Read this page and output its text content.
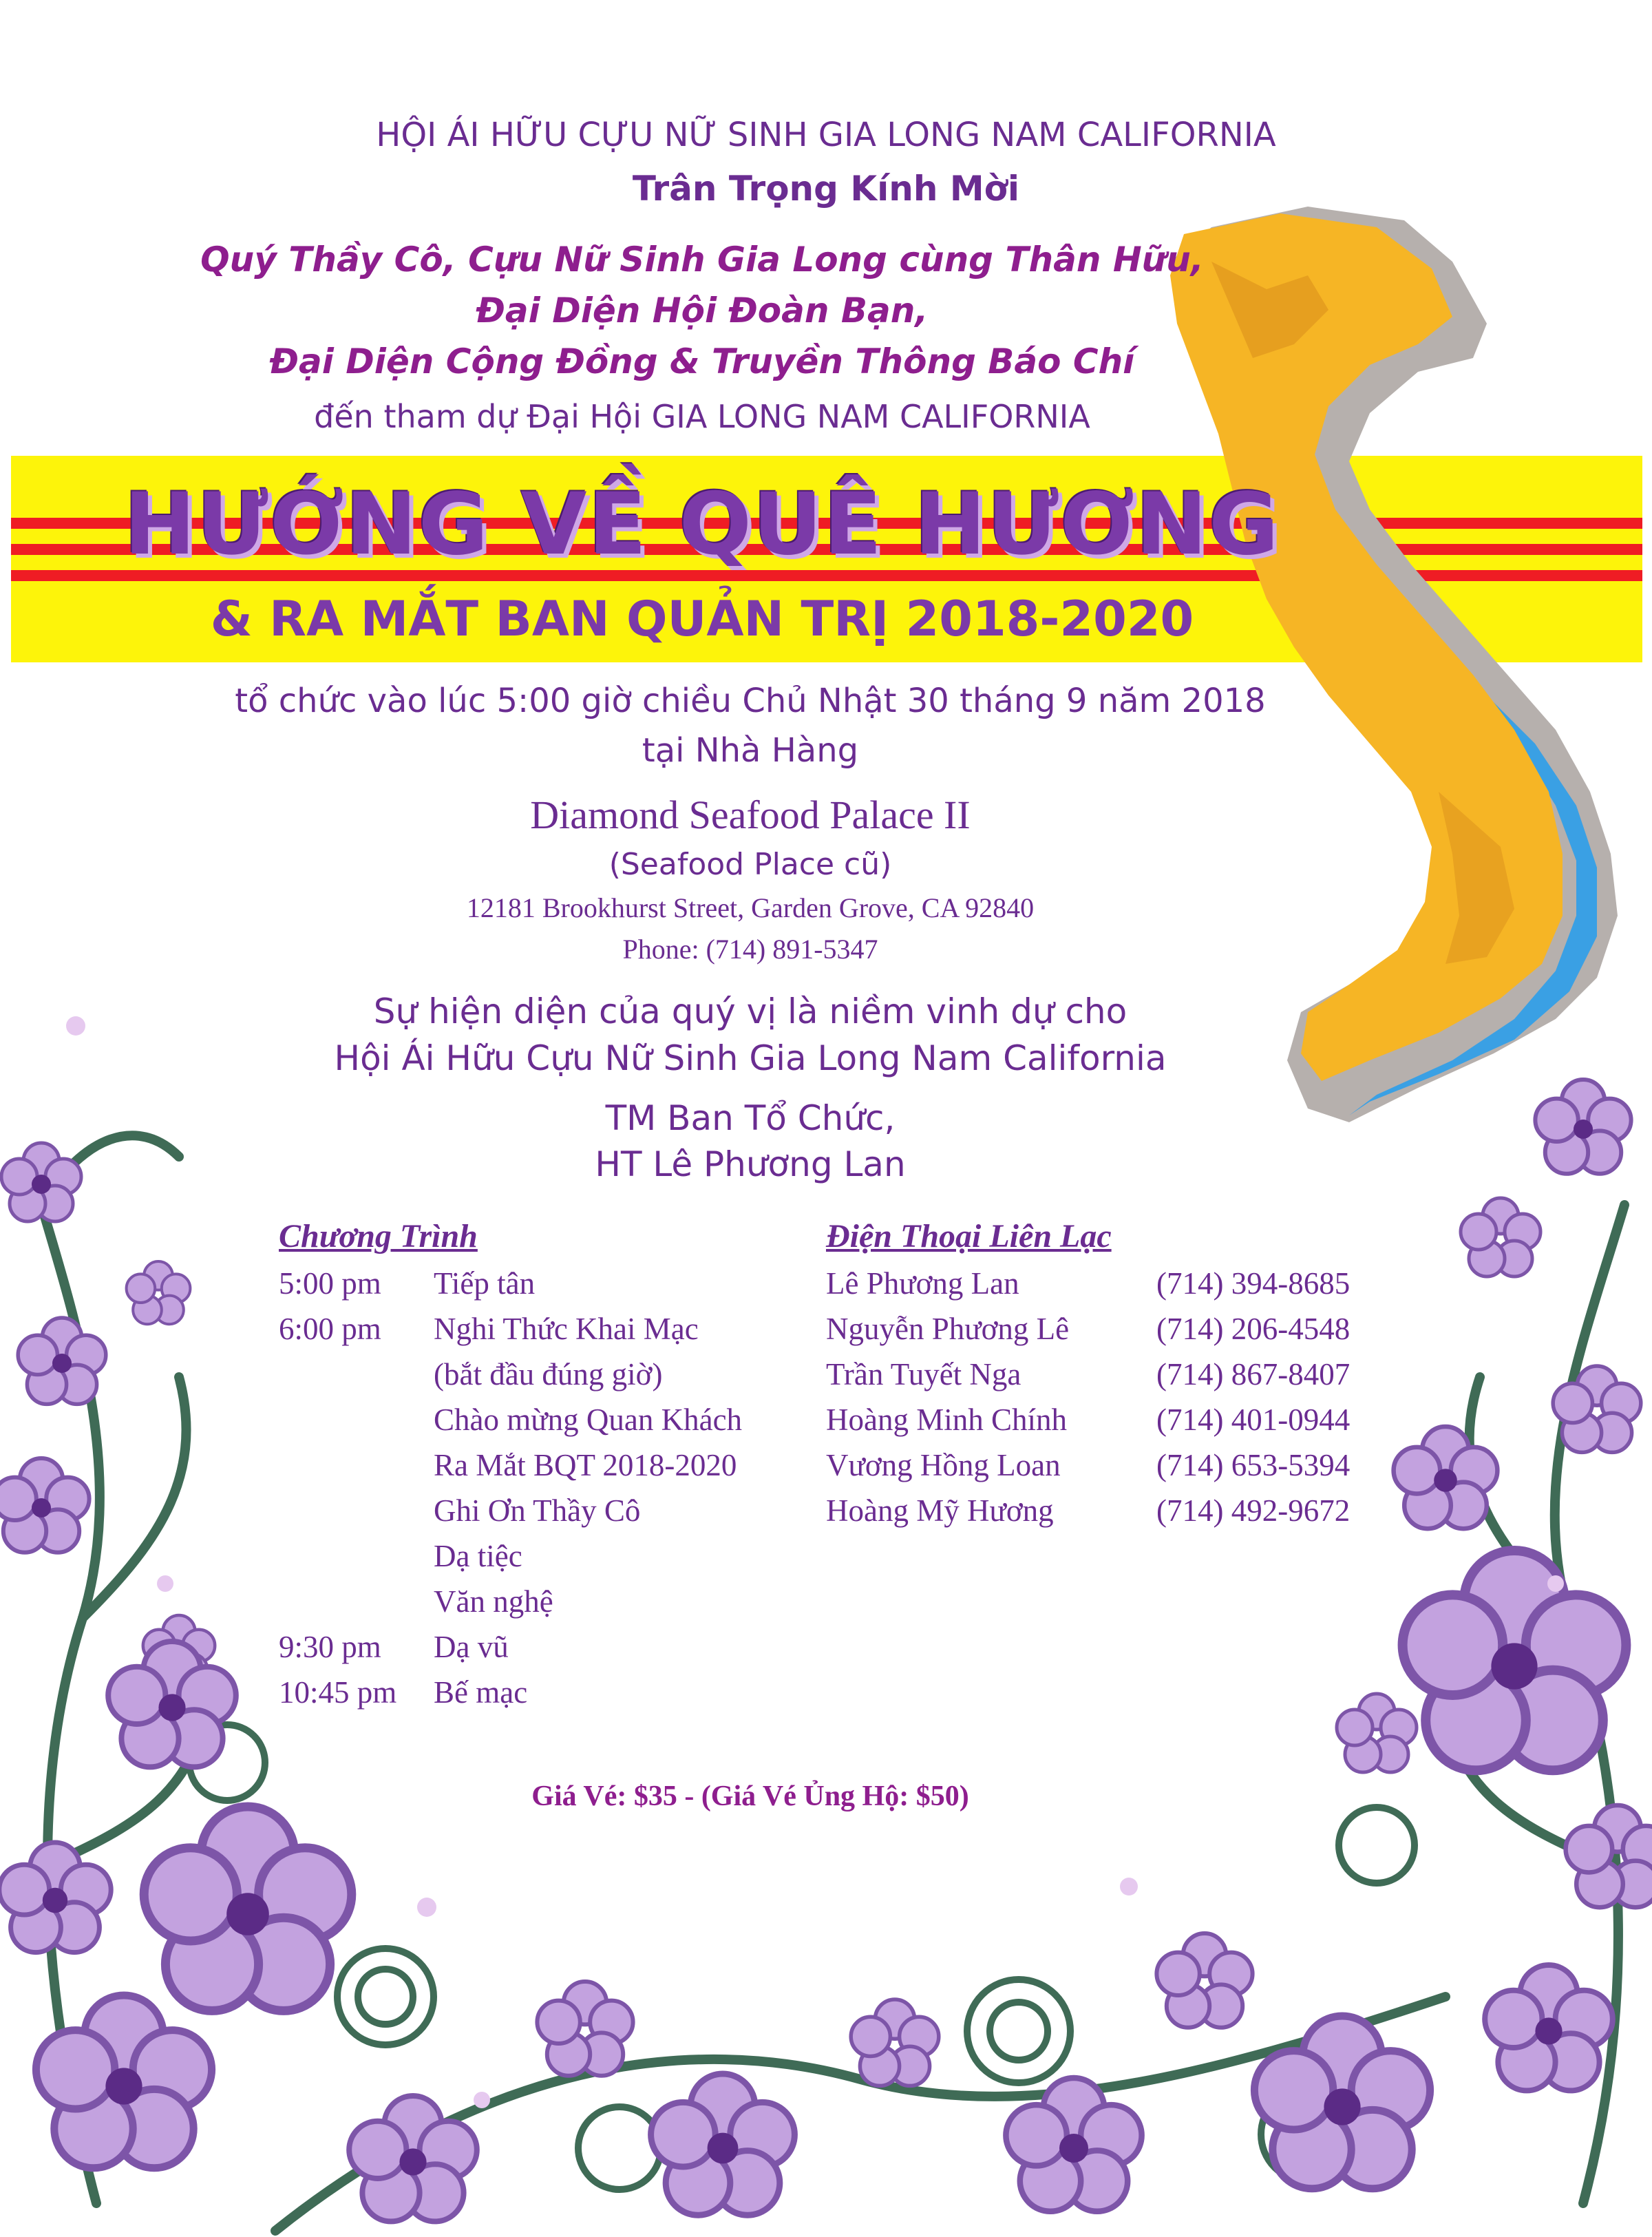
HỘI ÁI HỮU CỰU NỮ SINH GIA LONG NAM CALIFORNIA
Trân Trọng Kính Mời
Quý Thầy Cô, Cựu Nữ Sinh Gia Long cùng Thân Hữu,
Đại Diện Hội Đoàn Bạn,
Đại Diện Cộng Đồng & Truyền Thông Báo Chí
đến tham dự Đại Hội GIA LONG NAM CALIFORNIA
HƯỚNG VỀ QUÊ HƯƠNG
& RA MẮT BAN QUẢN TRỊ 2018-2020
tổ chức vào lúc 5:00 giờ chiều Chủ Nhật 30 tháng 9 năm 2018
tại Nhà Hàng
Diamond Seafood Palace II
(Seafood Place cũ)
12181 Brookhurst Street, Garden Grove, CA 92840
Phone: (714) 891-5347
Sự hiện diện của quý vị là niềm vinh dự cho
Hội Ái Hữu Cựu Nữ Sinh Gia Long Nam California
TM Ban Tổ Chức,
HT Lê Phương Lan
Chương Trình
5:00 pm Tiếp tân
6:00 pm Nghi Thức Khai Mạc
(bắt đầu đúng giờ)
Chào mừng Quan Khách
Ra Mắt BQT 2018-2020
Ghi Ơn Thầy Cô
Dạ tiệc
Văn nghệ
9:30 pm Dạ vũ
10:45 pm Bế mạc
Điện Thoại Liên Lạc
Lê Phương Lan	(714) 394-8685
Nguyễn Phương Lê	(714) 206-4548
Trần Tuyết Nga	(714) 867-8407
Hoàng Minh Chính	(714) 401-0944
Vương Hồng Loan	(714) 653-5394
Hoàng Mỹ Hương	(714) 492-9672
Giá Vé: $35 - (Giá Vé Ủng Hộ: $50)
